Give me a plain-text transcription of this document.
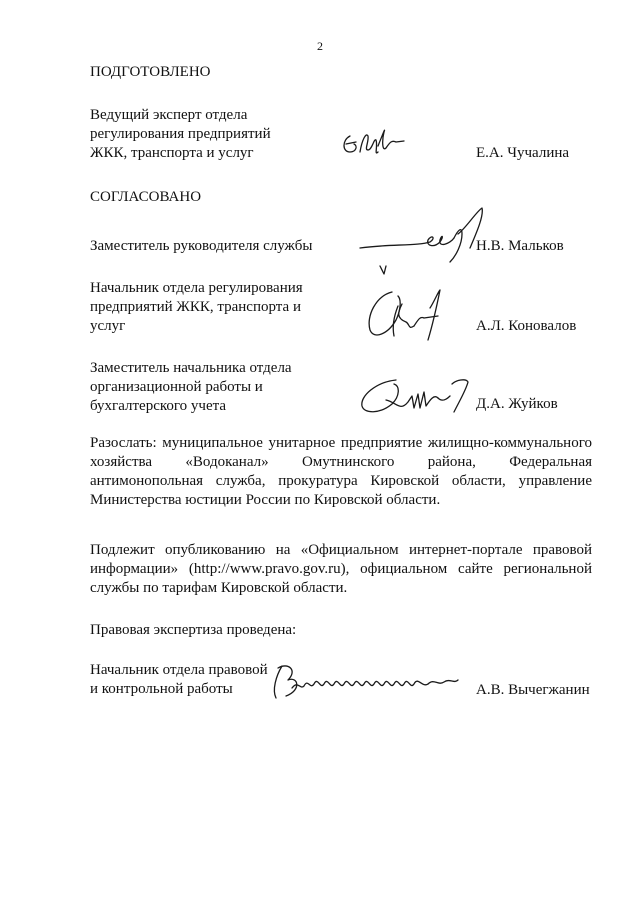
2
ПОДГОТОВЛЕНО
Ведущий эксперт отдела
регулирования предприятий
ЖКК, транспорта и услуг	Е.А. Чучалина
СОГЛАСОВАНО
Заместитель руководителя службы	Н.В. Мальков
Начальник отдела регулирования
предприятий ЖКК, транспорта и
услуг	А.Л. Коновалов
Заместитель начальника отдела
организационной работы и
бухгалтерского учета	Д.А. Жуйков
Разослать: муниципальное унитарное предприятие жилищно-коммунального
хозяйства «Водоканал» Омутнинского района, Федеральная
антимонопольная служба, прокуратура Кировской области, управление
Министерства юстиции России по Кировской области.
Подлежит опубликованию на «Официальном интернет-портале правовой
информации» (http://www.pravo.gov.ru), официальном сайте региональной
службы по тарифам Кировской области.
Правовая экспертиза проведена:
Начальник отдела правовой
и контрольной работы	А.В. Вычегжанин
